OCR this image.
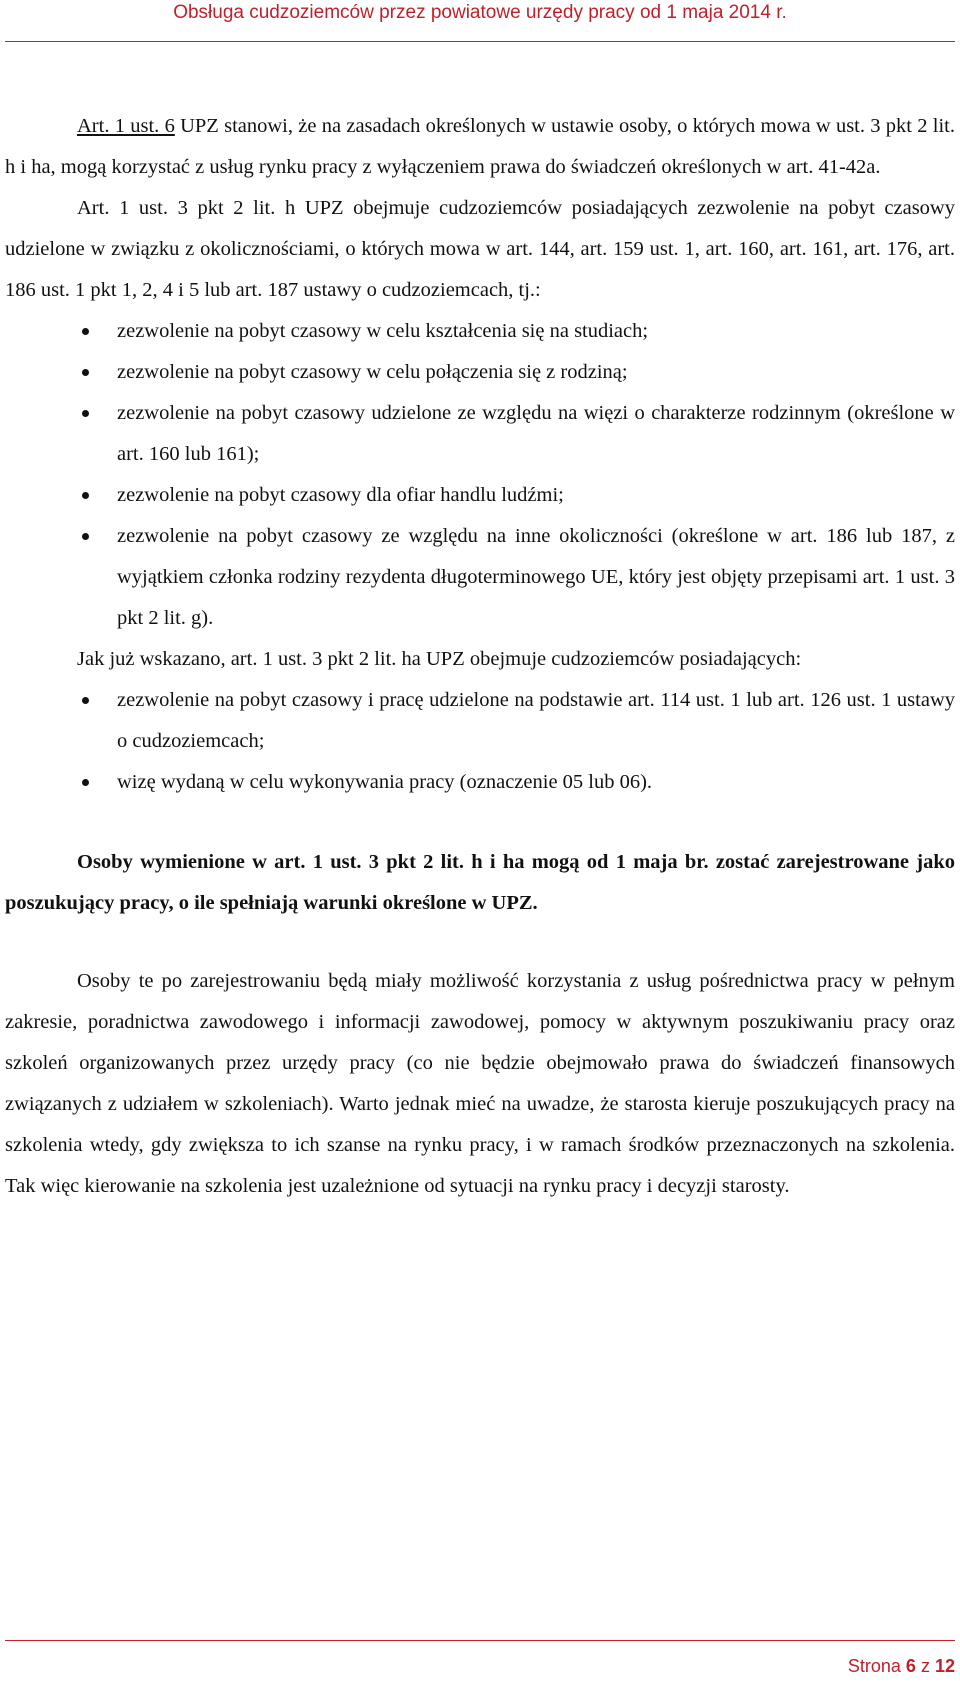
Obsługa cudzoziemców przez powiatowe urzędy pracy od 1 maja 2014 r.

Art. 1 ust. 6 UPZ stanowi, że na zasadach określonych w ustawie osoby, o których mowa w ust. 3 pkt 2 lit. h i ha, mogą korzystać z usług rynku pracy z wyłączeniem prawa do świadczeń określonych w art. 41-42a.

Art. 1 ust. 3 pkt 2 lit. h UPZ obejmuje cudzoziemców posiadających zezwolenie na pobyt czasowy udzielone w związku z okolicznościami, o których mowa w art. 144, art. 159 ust. 1, art. 160, art. 161, art. 176, art. 186 ust. 1 pkt 1, 2, 4 i 5 lub art. 187 ustawy o cudzoziemcach, tj.:

zezwolenie na pobyt czasowy w celu kształcenia się na studiach;
zezwolenie na pobyt czasowy w celu połączenia się z rodziną;
zezwolenie na pobyt czasowy udzielone ze względu na więzi o charakterze rodzinnym (określone w art. 160 lub 161);
zezwolenie na pobyt czasowy dla ofiar handlu ludźmi;
zezwolenie na pobyt czasowy ze względu na inne okoliczności (określone w art. 186 lub 187, z wyjątkiem członka rodziny rezydenta długoterminowego UE, który jest objęty przepisami art. 1 ust. 3 pkt 2 lit. g).

Jak już wskazano, art. 1 ust. 3 pkt 2 lit. ha UPZ obejmuje cudzoziemców posiadających:

zezwolenie na pobyt czasowy i pracę udzielone na podstawie art. 114 ust. 1 lub art. 126 ust. 1 ustawy o cudzoziemcach;
wizę wydaną w celu wykonywania pracy (oznaczenie 05 lub 06).

Osoby wymienione w art. 1 ust. 3 pkt 2 lit. h i ha mogą od 1 maja br. zostać zarejestrowane jako poszukujący pracy, o ile spełniają warunki określone w UPZ.

Osoby te po zarejestrowaniu będą miały możliwość korzystania z usług pośrednictwa pracy w pełnym zakresie, poradnictwa zawodowego i informacji zawodowej, pomocy w aktywnym poszukiwaniu pracy oraz szkoleń organizowanych przez urzędy pracy (co nie będzie obejmowało prawa do świadczeń finansowych związanych z udziałem w szkoleniach). Warto jednak mieć na uwadze, że starosta kieruje poszukujących pracy na szkolenia wtedy, gdy zwiększa to ich szanse na rynku pracy, i w ramach środków przeznaczonych na szkolenia. Tak więc kierowanie na szkolenia jest uzależnione od sytuacji na rynku pracy i decyzji starosty.

Strona 6 z 12
